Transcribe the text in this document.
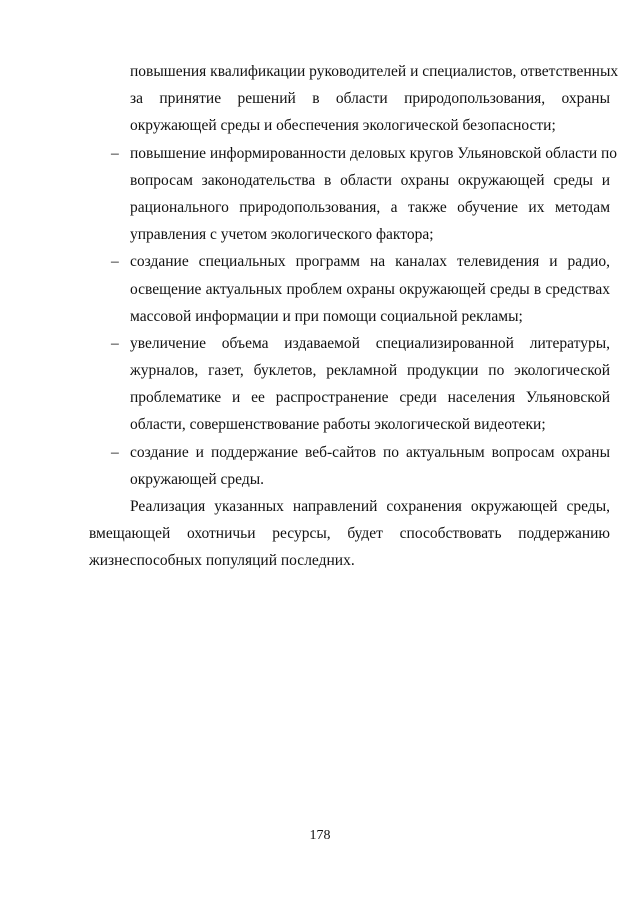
повышения квалификации руководителей и специалистов, ответственных
за принятие решений в области природопользования, охраны
окружающей среды и обеспечения экологической безопасности;
– повышение информированности деловых кругов Ульяновской области по
вопросам законодательства в области охраны окружающей среды и
рационального природопользования, а также обучение их методам
управления с учетом экологического фактора;
– создание специальных программ на каналах телевидения и радио,
освещение актуальных проблем охраны окружающей среды в средствах
массовой информации и при помощи социальной рекламы;
– увеличение объема издаваемой специализированной литературы,
журналов, газет, буклетов, рекламной продукции по экологической
проблематике и ее распространение среди населения Ульяновской
области, совершенствование работы экологической видеотеки;
– создание и поддержание веб-сайтов по актуальным вопросам охраны
окружающей среды.
Реализация указанных направлений сохранения окружающей среды,
вмещающей охотничьи ресурсы, будет способствовать поддержанию
жизнеспособных популяций последних.
178
